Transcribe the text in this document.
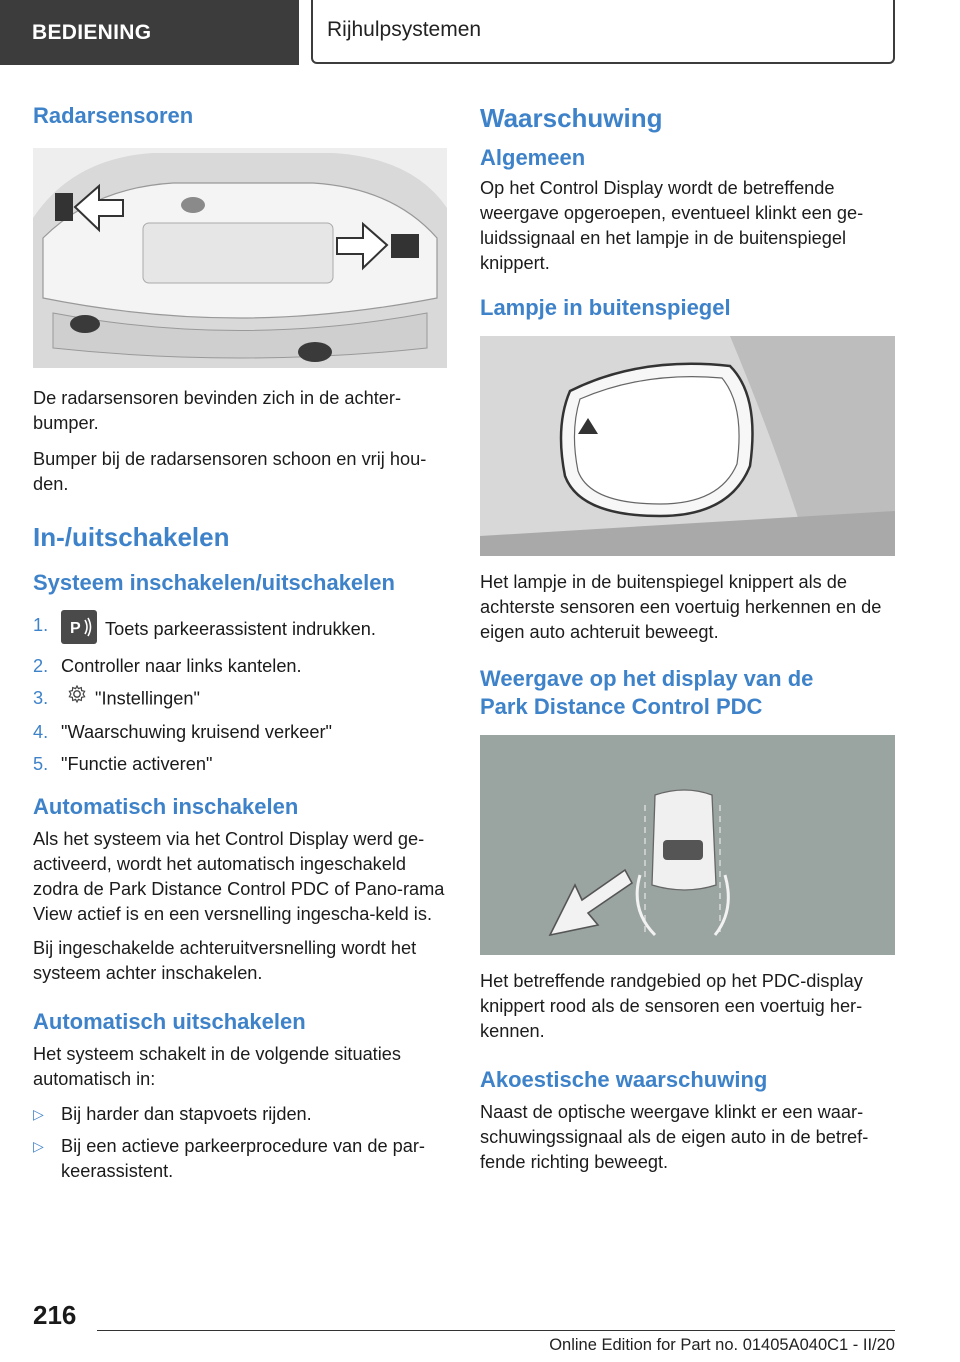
BEDIENING	Rijhulpsystemen
Radarsensoren

De radarsensoren bevinden zich in de achter-bumper.

Bumper bij de radarsensoren schoon en vrij hou-den.

In-/uitschakelen
Systeem inschakelen/uitschakelen
1. P Toets parkeerassistent indrukken.
2. Controller naar links kantelen.
3.	"Instellingen"
4. "Waarschuwing kruisend verkeer"
5. "Functie activeren"
Automatisch inschakelen

Als het systeem via het Control Display werd ge-activeerd, wordt het automatisch ingeschakeld zodra de Park Distance Control PDC of Pano-rama View actief is en een versnelling ingescha-keld is.

Bij ingeschakelde achteruitversnelling wordt het systeem achter inschakelen.

Automatisch uitschakelen

Het systeem schakelt in de volgende situaties automatisch in:

▷ Bij harder dan stapvoets rijden.
▷ Bij een actieve parkeerprocedure van de par-keerassistent.
Waarschuwing
Algemeen

Op het Control Display wordt de betreffende weergave opgeroepen, eventueel klinkt een ge-luidssignaal en het lampje in de buitenspiegel knippert.

Lampje in buitenspiegel

Het lampje in de buitenspiegel knippert als de achterste sensoren een voertuig herkennen en de eigen auto achteruit beweegt.

Weergave op het display van de
Park Distance Control PDC

Het betreffende randgebied op het PDC-display knippert rood als de sensoren een voertuig her-kennen.

Akoestische waarschuwing

Naast de optische weergave klinkt er een waar-schuwingssignaal als de eigen auto in de betref-fende richting beweegt.

216
Online Edition for Part no. 01405A040C1 - II/20
